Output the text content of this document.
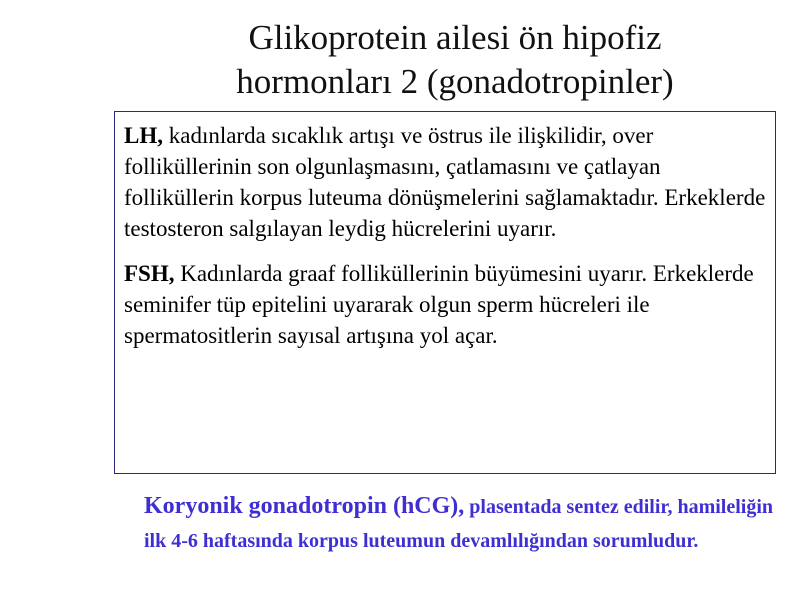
Glikoprotein ailesi ön hipofiz
hormonları 2 (gonadotropinler)

LH, kadınlarda sıcaklık artışı ve östrus ile ilişkilidir, over folliküllerinin son olgunlaşmasını, çatlamasını ve çatlayan folliküllerin korpus luteuma dönüşmelerini sağlamaktadır. Erkeklerde testosteron salgılayan leydig hücrelerini uyarır.

FSH, Kadınlarda graaf folliküllerinin büyümesini uyarır. Erkeklerde seminifer tüp epitelini uyararak olgun sperm hücreleri ile spermatositlerin sayısal artışına yol açar.

Koryonik gonadotropin (hCG), plasentada sentez edilir, hamileliğin ilk 4-6 haftasında korpus luteumun devamlılığından sorumludur.
